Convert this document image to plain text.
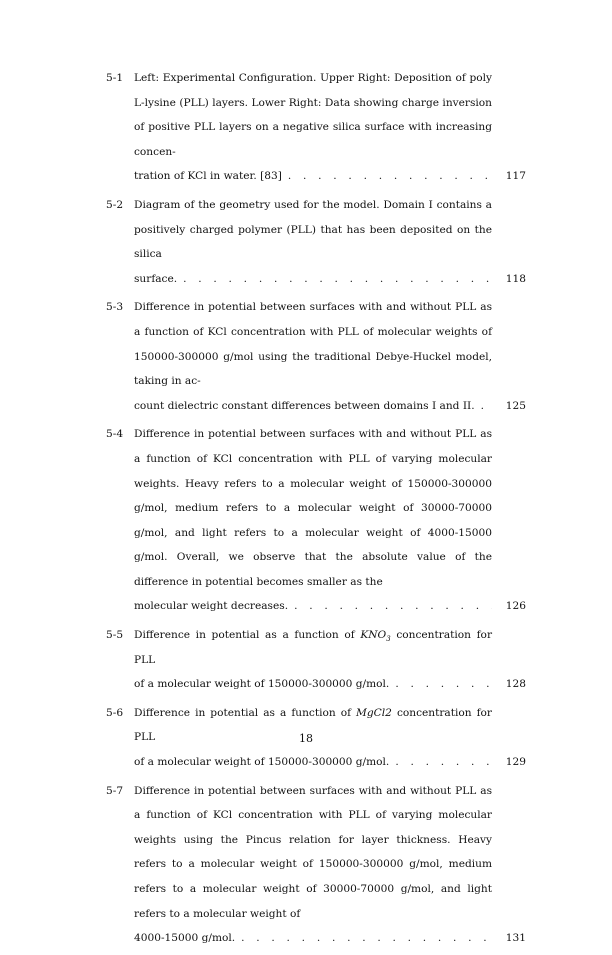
5-1	Left: Experimental Configuration. Upper Right: Deposition of poly L-lysine (PLL) layers. Lower Right: Data showing charge inversion of positive PLL layers on a negative silica surface with increasing concen-
tration of KCl in water. [83] . . .	117
5-2	Diagram of the geometry used for the model. Domain I contains a positively charged polymer (PLL) that has been deposited on the silica
surface. . . .	118
5-3	Difference in potential between surfaces with and without PLL as a function of KCl concentration with PLL of molecular weights of 150000-300000 g/mol using the traditional Debye-Huckel model, taking in ac-
count dielectric constant differences between domains I and II. . . .	125
5-4	Difference in potential between surfaces with and without PLL as a function of KCl concentration with PLL of varying molecular weights. Heavy refers to a molecular weight of 150000-300000 g/mol, medium refers to a molecular weight of 30000-70000 g/mol, and light refers to a molecular weight of 4000-15000 g/mol. Overall, we observe that the absolute value of the difference in potential becomes smaller as the
molecular weight decreases. . . .	126
5-5	Difference in potential as a function of $KNO_3$ concentration for PLL
of a molecular weight of 150000-300000 g/mol. . . .	128
5-6	Difference in potential as a function of MgCl2 concentration for PLL
of a molecular weight of 150000-300000 g/mol. . . .	129
5-7	Difference in potential between surfaces with and without PLL as a function of KCl concentration with PLL of varying molecular weights using the Pincus relation for layer thickness. Heavy refers to a molecular weight of 150000-300000 g/mol, medium refers to a molecular weight of 30000-70000 g/mol, and light refers to a molecular weight of
4000-15000 g/mol. . . .	131
18
